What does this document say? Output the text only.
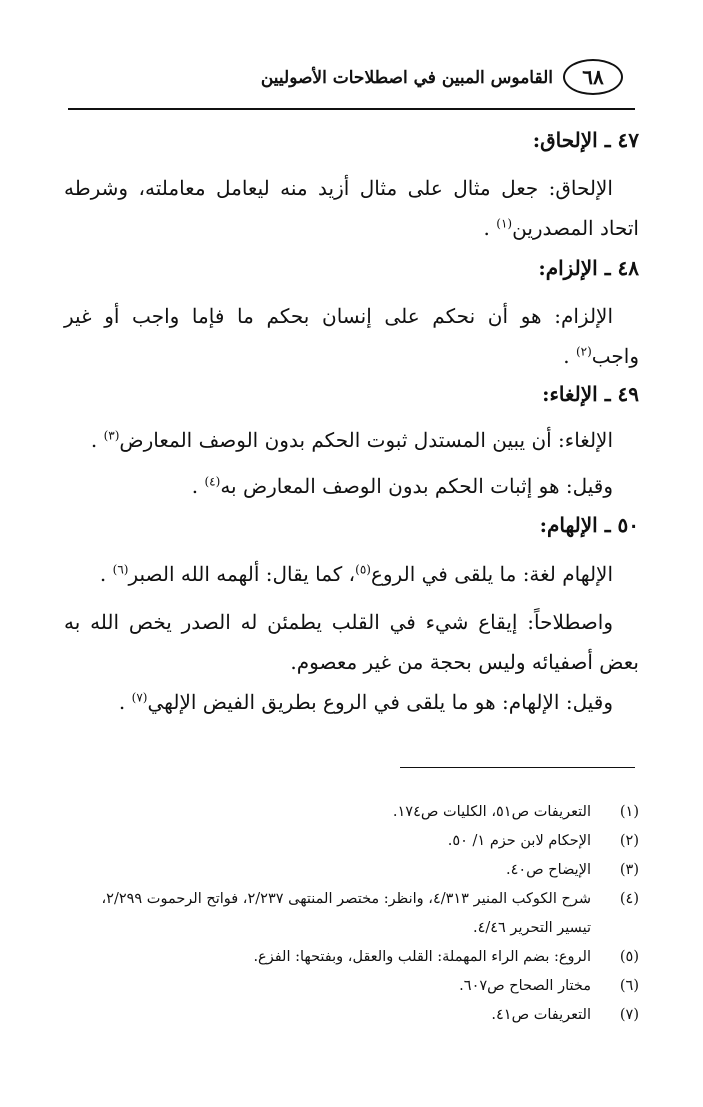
٦٨
القاموس المبين في اصطلاحات الأصوليين
٤٧ ـ الإلحاق:
الإلحاق: جعل مثال على مثال أزيد منه ليعامل معاملته، وشرطه اتحاد المصدرين$^{(١)}$ .
٤٨ ـ الإلزام:
الإلزام: هو أن نحكم على إنسان بحكم ما فإما واجب أو غير واجب$^{(٢)}$ .
٤٩ ـ الإلغاء:
الإلغاء: أن يبين المستدل ثبوت الحكم بدون الوصف المعارض$^{(٣)}$ .
وقيل: هو إثبات الحكم بدون الوصف المعارض به$^{(٤)}$ .
٥٠ ـ الإلهام:
الإلهام لغة: ما يلقى في الروع$^{(٥)}$، كما يقال: ألهمه الله الصبر$^{(٦)}$ .
واصطلاحاً: إيقاع شيء في القلب يطمئن له الصدر يخص الله به بعض أصفيائه وليس بحجة من غير معصوم.
وقيل: الإلهام: هو ما يلقى في الروع بطريق الفيض الإلهي$^{(٧)}$ .
(١)
التعريفات ص٥١، الكليات ص١٧٤.
(٢)
الإحكام لابن حزم ١/ ٥٠.
(٣)
الإيضاح ص٤٠.
(٤)
شرح الكوكب المنير ٤/٣١٣، وانظر: مختصر المنتهى ٢/٢٣٧، فواتح الرحموت ٢/٢٩٩، تيسير التحرير ٤/٤٦.
(٥)
الروع: بضم الراء المهملة: القلب والعقل، وبفتحها: الفزع.
(٦)
مختار الصحاح ص٦٠٧.
(٧)
التعريفات ص٤١.
